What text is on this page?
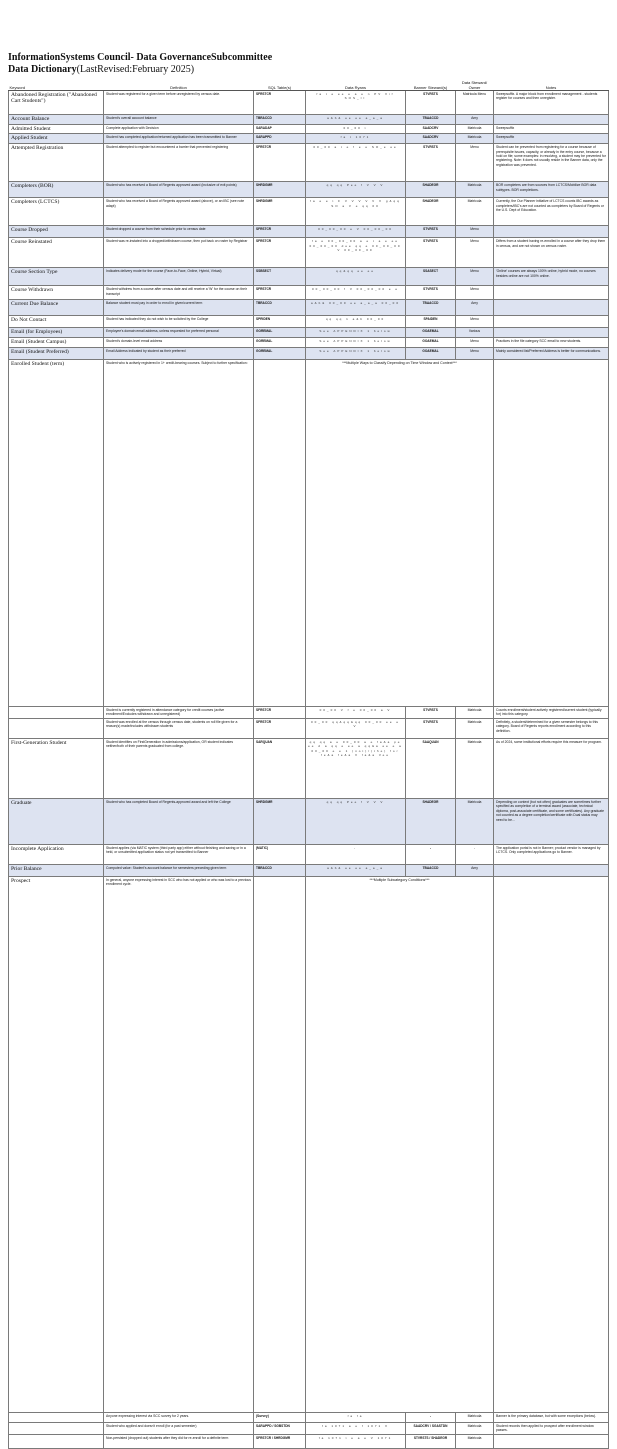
InformationSystems Council- Data GovernanceSubcommittee
Data Dictionary(LastRevised:February 2025)
Keyword	Definition	SQL Table(s)	Data Ryans	Banner Steward(s)	Data Steward/ Owner	Notes	
Abandoned Registration ("Abandoned Cart Students")	Student was registered for a given term before unregistered by census date.	SFRSTCR	fa t e ee e a e n PV Vif SOS_II	STVRSTS	Matricula Menu	Sweepsuffix. A major block from enrollment management - students register for courses and then unregister.	
Account Balance	Student's overall account balance	TBRACCD	a&b& ee ee a_a_a	TBAACCD	Amy		
Admitted Student	Complete application with Decision	SARADAP	00_00 t	SAADCRV	Matricula	Sweepsuffix	
Applied Student	Student has completed application/returned application has been transmitted to Banner	SARAPPD	fa t 1071	SAADCRV	Matricula	Sweepsuffix	
Attempted Registration	Student attempted to register but encountered a barrier that prevented registering	SFRSTCR	00_00 a t e f e e SO_e ee	STVRSTS	Menu	Student can be prevented from registering for a course because of prerequisite issues, capacity, or already in the entry course, because a hold on file; some examples: in resolving, a student may be prevented for registering. Note: it does not usually reside in the Banner data, only the registration was prevented.	
Completers (BOR)	Student who has received a Board of Regents approved award (inclusive of exit points)	SHRDGMR	qq qq Pee f V V V	SHADEGR	Matricula	BOR completers are from sources from LCTCS/Mobilize BOR data subtypes. BOR completions.	
Completers (LCTCS)	Student who has received a Board of Regents approved award (above), or an IBC (see note adapt)	SHRDGMR	fa e e t F V V V V V V g&qq SO a V e qq 00	SHADEGR	Matricula	Currently, the Our Planner initiative of LCTCS counts IBC awards as completers/IBC's are not counted as completers by Board of Regents or the U.S. Dept of Education.	
Course Dropped	Student dropped a course from their schedule prior to census date	SFRSTCR	00_00_00 e V 00_00_00	STVRSTS	Menu		
Course Reinstated	Student was re-instated into a dropped/withdrawn course, then put back on roster by Registrar	SFRSTCR	fa e 00_00_00 a e t a e ee 00_00_00 dee qq e 00_00_00 V 00_00_00	STVRSTS	Menu	Differs from a student having re-enrolled in a course after they drop them in census, and are not shown on census roster.	
Course Section Type	Indicates delivery mode for the course (Face-to-Face, Online, Hybrid, Virtual)	SSBSECT	qq&qq ee ee	SSASECT	Menu	'Online' courses are always 100% online, hybrid mode, no courses besides online are not 100% online.	
Course Withdrawn	Student withdrew from a course after census date and will receive a 'W' for the course on their transcript	SFRSTCR	00_00_00 f V 00_00_00 e e	STVRSTS	Menu		
Current Due Balance	Balance student must pay in order to enroll in given/current term	TBRACCD	a&b& 00_00 ee a_a_a 00_00	TBAACCD	Amy		
Do Not Contact	Student has indicated they do not wish to be solicited by the College	SPRIDEN	qq qq 1 a&b 00_00	SPAIDEN	Menu		
Email (for Employees)	Employee's domain email address, unless requested for preferred personal	GOREMAL	See APPENDIX 1 below	GOAEMAL	Various		
Email (Student Campus)	Student's domain-level email address	GOREMAL	See APPENDIX 1 below	GOAEMAL	Menu	Practices in the file category SCC email to new students.	
Email (Student Preferred)	Email Address indicated by student as their preferred	GOREMAL	See APPENDIX 1 below	GOAEMAL	Menu	Mainly considered list/Preferred Address is better for communications.	
Enrolled Student (term)	Student who is actively registered in 1+ credit-bearing courses. Subject to further specification:		***Multiple Ways to Classify Depending on Time Window and Context***		
	Student is currently registered in attendance category for credit courses (active enrollment/Excludes withdrawn and unregistered)	SFRSTCR	00_00 V f e 00_00 a V	STVRSTS	Matricula	Counts enrollment/student actively registered/current student (typically for) into this category.	
	Student was enrolled at the census through census date, students on roll file given for a reason(s) made/includes withdrawn students	SFRSTCR	00_00 qq&qq&qq 00_00 ee e V	STVRSTS	Matricula	Definitely, a student/determined for a given semester belongs to this category. Board of Regents reports enrollment according to this definition.	
First-Generation Student	Student identifies on FirstGeneration in admissions/application, OR student indicates neither/both of their parents graduated from college.	SARQUAN	qq qq a e 00_00 a e fa&a pe ee d a qq e ee a qq&a ee e a 00_00 e e 1 (not)/(the) for fe&a fe&a V fa&a Vee	SAAQUAN	Matricula	As of 2024, some institutional efforts require this measure for program.	
Graduate	Student who has completed Board of Regents-approved award and left the College	SHRDGMR	qq qq Pee f V V V	SHADEGR	Matricula	Depending on context (but not often) graduates are sometimes further specified as completion of a terminal award (associate, technical diploma, post-associate certificate, and some certificates). Any graduate not counted as a degree completion/certificate with Dual status may need to be...	
Incomplete Application	Student applies (via MATIC system (third party app) either without finishing and saving or in a held, or unsubmitted application status not yet transmitted to Banner	(MATIC)	-	-	-	The application portal is not in Banner; product vendor is managed by LCTCS. Only completed applications go to Banner.	
Prior Balance	Computed value: Student's account balance for semesters preceding given term	TBRACCD	a&b& ee ee a_a_a	TBAACCD	Amy		
Prospect	In general, anyone expressing interest in SCC who has not applied or who was lost to a previous enrollment cycle.		***Multiple Subcategory Conditions***		
	Anyone expressing interest via SCC survey for 2 years.	(Survey)	fa fa	-	Matricula	Banner is the primary database, but with some exceptions (below).	
	Student who applied and doesn't enroll (for a past semester)	SARAPPD / SGBSTDN	fa 1071 a e f 1071 V	SAADCRV / SGASTDN	Matricula	Student records then applied to prospect after enrollment window passes.	
	Non-persisted (dropped out) students after they did for re-enroll for a definite term	SFRSTCR / SHRDGMR	fa 1071 t e a e V 1071	STVRSTS / SHADEGR	Matricula		
